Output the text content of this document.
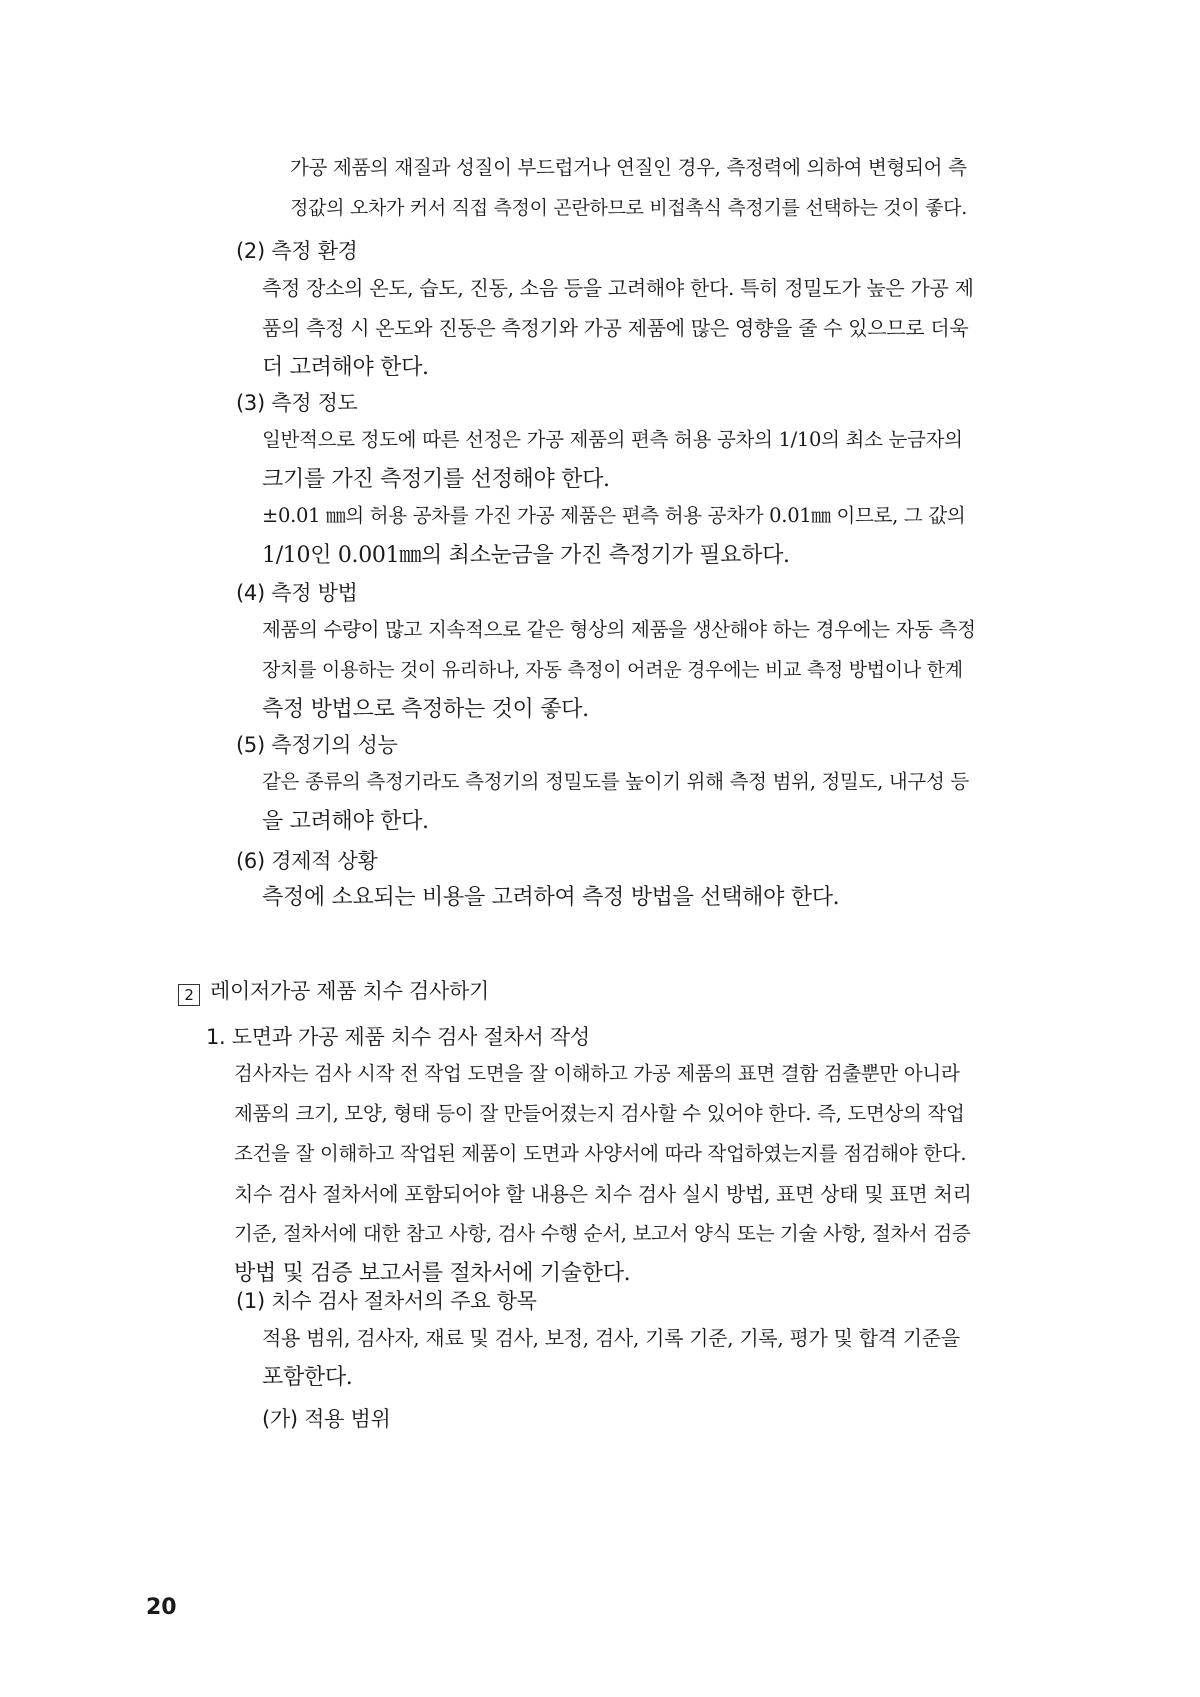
가공 제품의 재질과 성질이 부드럽거나 연질인 경우, 측정력에 의하여 변형되어 측
정값의 오차가 커서 직접 측정이 곤란하므로 비접촉식 측정기를 선택하는 것이 좋다.
(2) 측정 환경
측정 장소의 온도, 습도, 진동, 소음 등을 고려해야 한다. 특히 정밀도가 높은 가공 제
품의 측정 시 온도와 진동은 측정기와 가공 제품에 많은 영향을 줄 수 있으므로 더욱
더 고려해야 한다.
(3) 측정 정도
일반적으로 정도에 따른 선정은 가공 제품의 편측 허용 공차의 1/10의 최소 눈금자의
크기를 가진 측정기를 선정해야 한다.
±0.01 ㎜의 허용 공차를 가진 가공 제품은 편측 허용 공차가 0.01㎜ 이므로, 그 값의
1/10인 0.001㎜의 최소눈금을 가진 측정기가 필요하다.
(4) 측정 방법
제품의 수량이 많고 지속적으로 같은 형상의 제품을 생산해야 하는 경우에는 자동 측정
장치를 이용하는 것이 유리하나, 자동 측정이 어려운 경우에는 비교 측정 방법이나 한계
측정 방법으로 측정하는 것이 좋다.
(5) 측정기의 성능
같은 종류의 측정기라도 측정기의 정밀도를 높이기 위해 측정 범위, 정밀도, 내구성 등
을 고려해야 한다.
(6) 경제적 상황
측정에 소요되는 비용을 고려하여 측정 방법을 선택해야 한다.
2 레이저가공 제품 치수 검사하기
1. 도면과 가공 제품 치수 검사 절차서 작성
검사자는 검사 시작 전 작업 도면을 잘 이해하고 가공 제품의 표면 결함 검출뿐만 아니라
제품의 크기, 모양, 형태 등이 잘 만들어졌는지 검사할 수 있어야 한다. 즉, 도면상의 작업
조건을 잘 이해하고 작업된 제품이 도면과 사양서에 따라 작업하였는지를 점검해야 한다.
치수 검사 절차서에 포함되어야 할 내용은 치수 검사 실시 방법, 표면 상태 및 표면 처리
기준, 절차서에 대한 참고 사항, 검사 수행 순서, 보고서 양식 또는 기술 사항, 절차서 검증
방법 및 검증 보고서를 절차서에 기술한다.
(1) 치수 검사 절차서의 주요 항목
적용 범위, 검사자, 재료 및 검사, 보정, 검사, 기록 기준, 기록, 평가 및 합격 기준을
포함한다.
(가) 적용 범위
20
